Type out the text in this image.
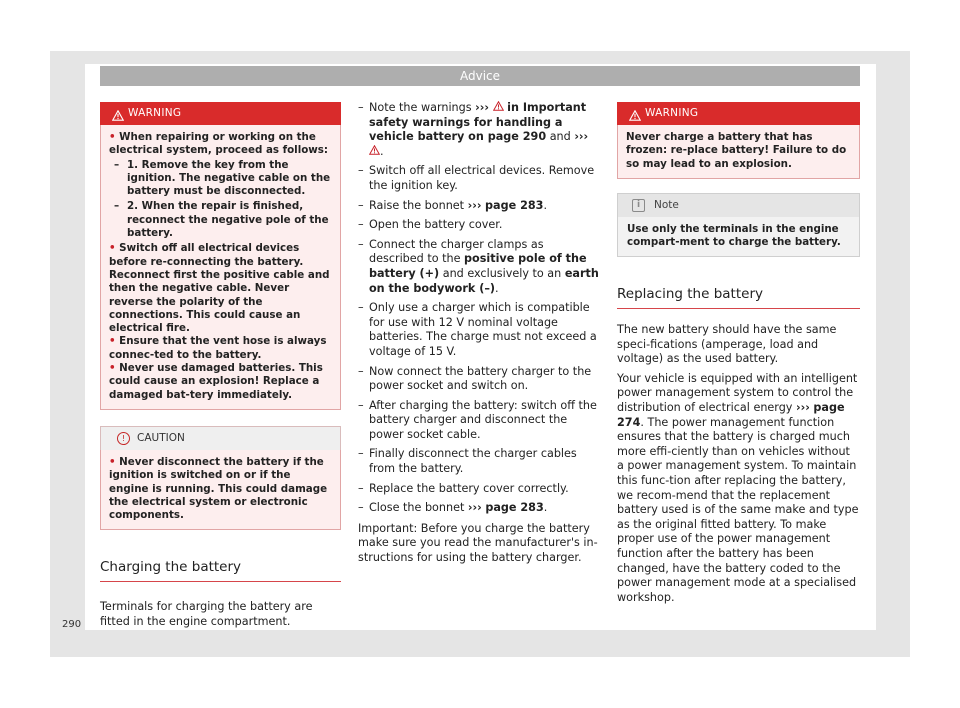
Advice
WARNING

• When repairing or working on the electrical system, proceed as follows:

– 1. Remove the key from the ignition. The negative cable on the battery must be disconnected.

– 2. When the repair is finished, reconnect the negative pole of the battery.

• Switch off all electrical devices before re-connecting the battery. Reconnect first the positive cable and then the negative cable. Never reverse the polarity of the connections. This could cause an electrical fire.

• Ensure that the vent hose is always connec-ted to the battery.

• Never use damaged batteries. This could cause an explosion! Replace a damaged bat-tery immediately.

!	CAUTION

• Never disconnect the battery if the ignition is switched on or if the engine is running. This could damage the electrical system or electronic components.

Charging the battery

Terminals for charging the battery are fitted in the engine compartment.

– Note the warnings ››› in Important safety warnings for handling a vehicle battery on page 290 and ››› .
– Switch off all electrical devices. Remove the ignition key.
– Raise the bonnet ››› page 283.
– Open the battery cover.
– Connect the charger clamps as described to the positive pole of the battery (+) and exclusively to an earth on the bodywork (–).
– Only use a charger which is compatible for use with 12 V nominal voltage batteries. The charge must not exceed a voltage of 15 V.
– Now connect the battery charger to the power socket and switch on.
– After charging the battery: switch off the battery charger and disconnect the power socket cable.
– Finally disconnect the charger cables from the battery.
– Replace the battery cover correctly.
– Close the bonnet ››› page 283.

Important: Before you charge the battery make sure you read the manufacturer's in-structions for using the battery charger.

WARNING

Never charge a battery that has frozen: re-place battery! Failure to do so may lead to an explosion.

i	Note

Use only the terminals in the engine compart-ment to charge the battery.

Replacing the battery

The new battery should have the same speci-fications (amperage, load and voltage) as the used battery.

Your vehicle is equipped with an intelligent power management system to control the distribution of electrical energy ››› page 274. The power management function ensures that the battery is charged much more effi-ciently than on vehicles without a power management system. To maintain this func-tion after replacing the battery, we recom-mend that the replacement battery used is of the same make and type as the original fitted battery. To make proper use of the power management function after the battery has been changed, have the battery coded to the power management mode at a specialised workshop.

290
